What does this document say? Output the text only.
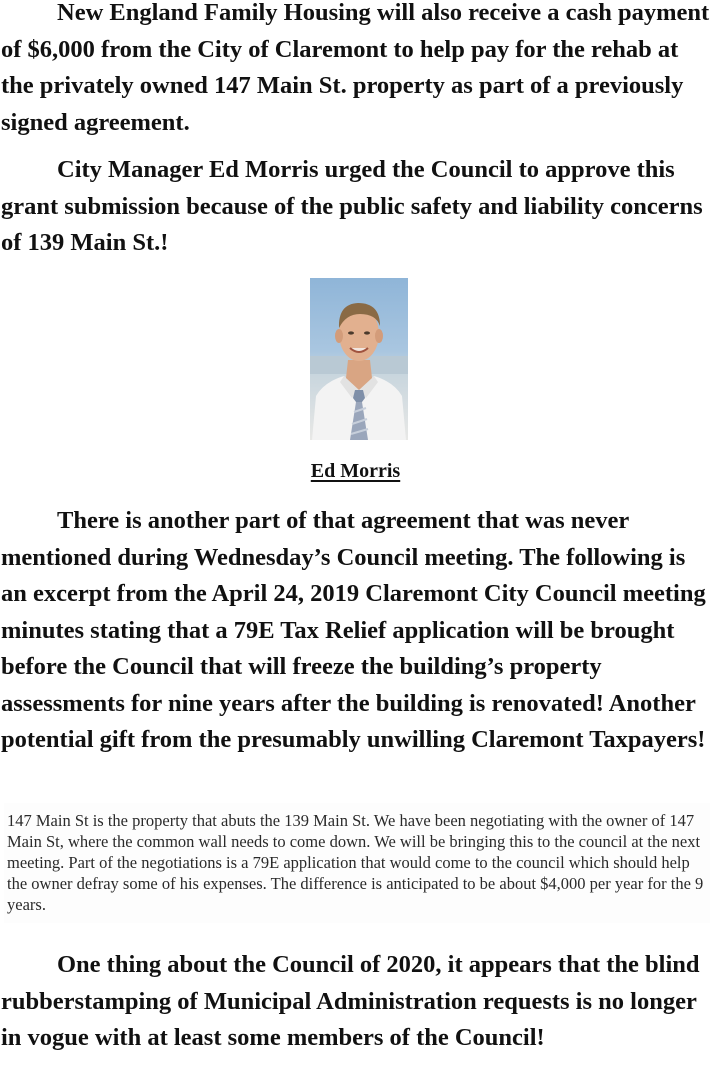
New England Family Housing will also receive a cash payment of $6,000 from the City of Claremont to help pay for the rehab at the privately owned 147 Main St. property as part of a previously signed agreement.

City Manager Ed Morris urged the Council to approve this grant submission because of the public safety and liability concerns of 139 Main St.!

Ed Morris

There is another part of that agreement that was never mentioned during Wednesday’s Council meeting. The following is an excerpt from the April 24, 2019 Claremont City Council meeting minutes stating that a 79E Tax Relief application will be brought before the Council that will freeze the building’s property assessments for nine years after the building is renovated! Another potential gift from the presumably unwilling Claremont Taxpayers!

147 Main St is the property that abuts the 139 Main St. We have been negotiating with the owner of 147 Main St, where the common wall needs to come down. We will be bringing this to the council at the next meeting. Part of the negotiations is a 79E application that would come to the council which should help the owner defray some of his expenses. The difference is anticipated to be about $4,000 per year for the 9 years.

One thing about the Council of 2020, it appears that the blind rubberstamping of Municipal Administration requests is no longer in vogue with at least some members of the Council!
